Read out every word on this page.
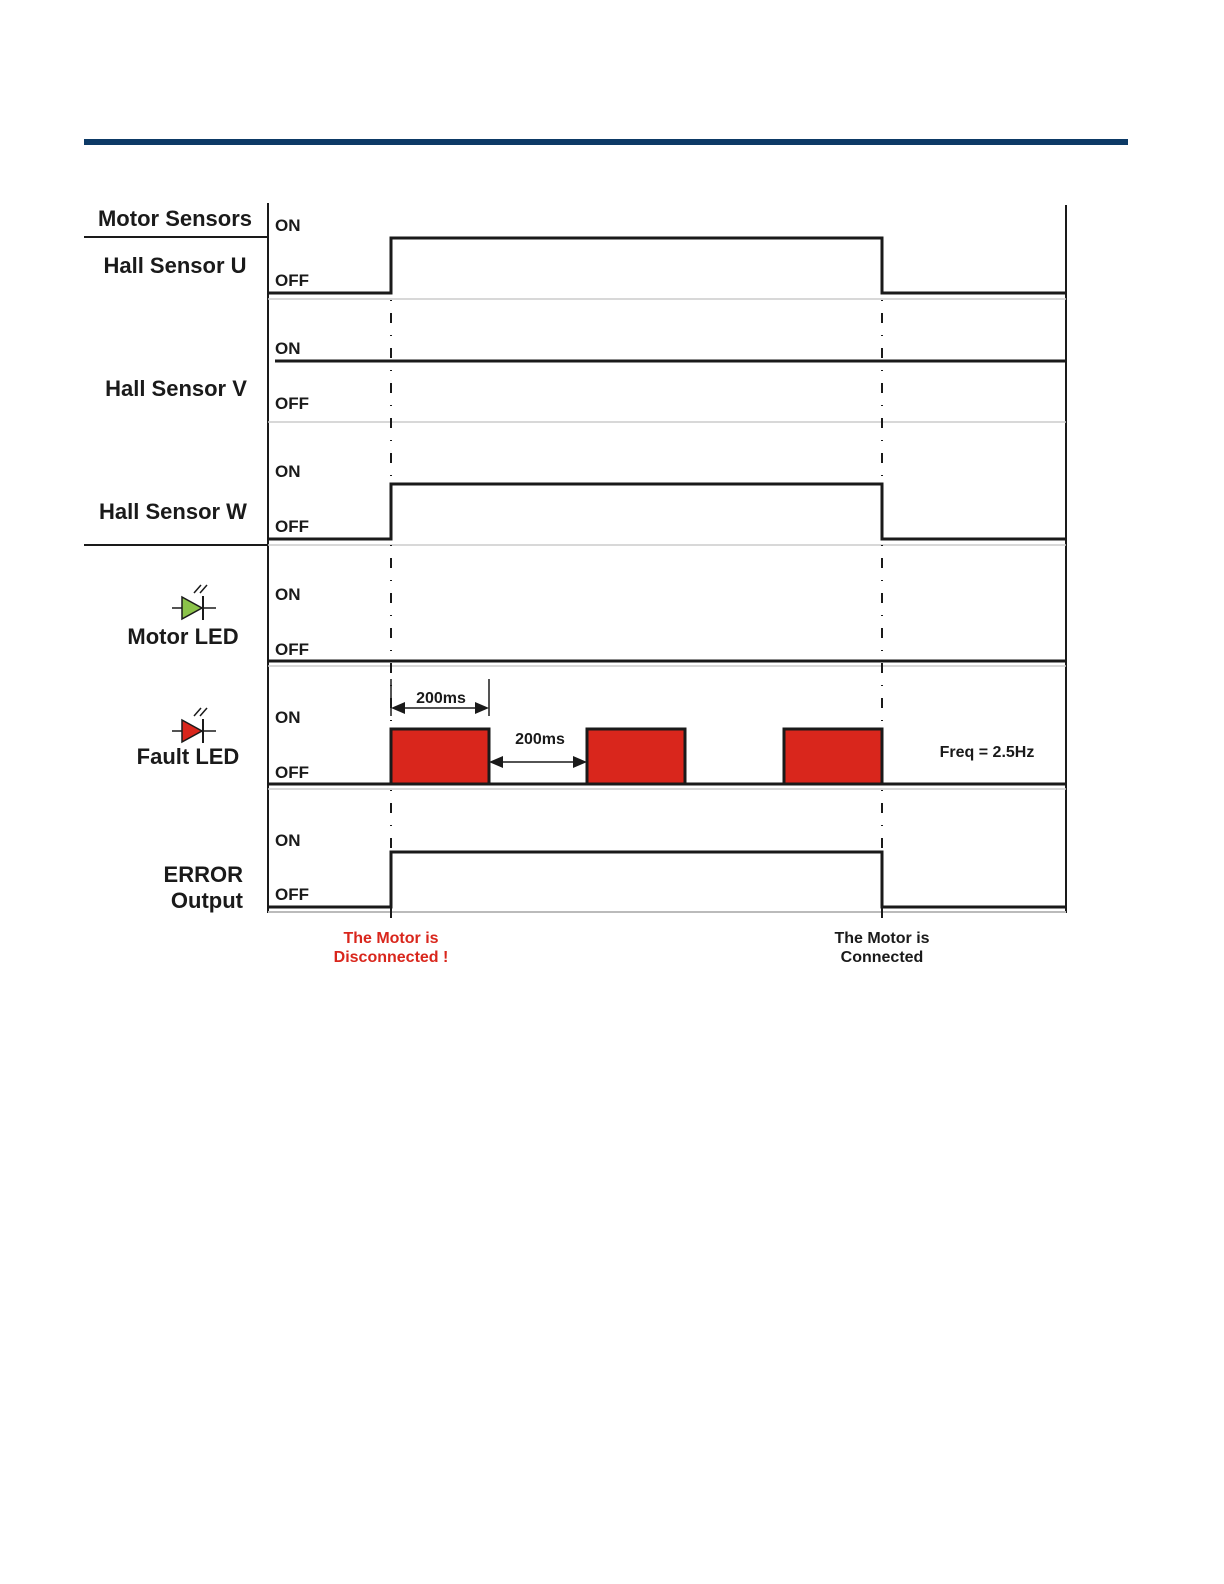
Motor Sensors
Hall Sensor U
Hall Sensor V
Hall Sensor W
Motor LED
Fault LED
ERROR
Output
ON
OFF
ON
OFF
ON
OFF
ON
OFF
ON
OFF
ON
OFF
200ms
200ms
Freq = 2.5Hz
The Motor is
Disconnected !
The Motor is
Connected
